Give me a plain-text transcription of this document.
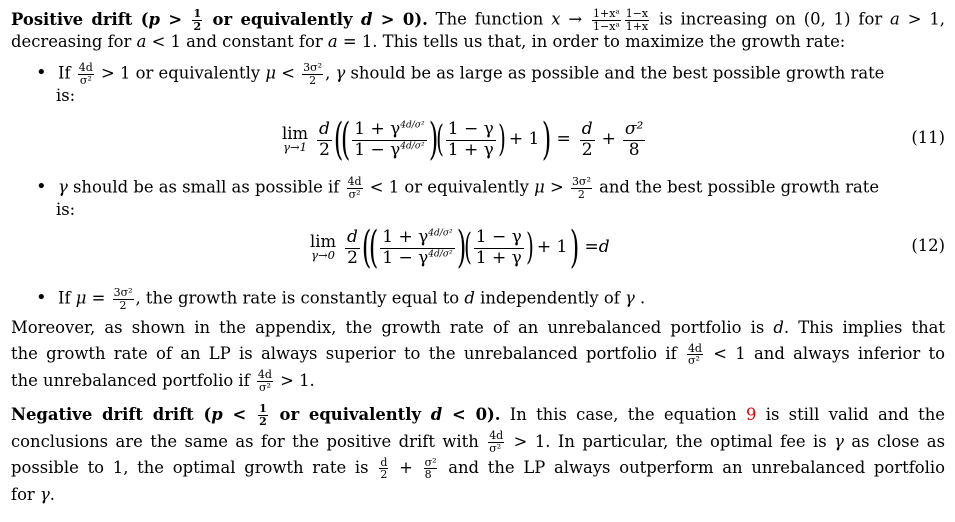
Positive drift ($p > \frac{1}{2}$ or equivalently d > 0). The function $x \to \frac{\text{1+xᵃ}}{\text{1−xᵃ}} \frac{1-x}{1+x}$ is increasing on (0, 1) for a > 1,
decreasing for a < 1 and constant for a = 1. This tells us that, in order to maximize the growth rate:
• If $\frac{4d}{\text{σ²}} > 1$ or equivalently $\mu < \frac{\text{3σ²}}{2}$ , γ should be as large as possible and the best possible growth rate
is:
lim
γ→1
d
2 (
( $1 + \gamma^{4d/\sigma^2}$
$1 - \gamma^{4d/\sigma^2}$ )
( 1 − γ
1 + γ ) + 1 ) = $\frac{d}{2} + \frac{\text{σ²}}{8}$	(11)
• γ should be as small as possible if $\frac{4d}{\text{σ²}} < 1$ or equivalently $\mu > \frac{\text{3σ²}}{2}$ and the best possible growth rate
is:
lim
γ→0
d
2 (
( $1 + \gamma^{4d/\sigma^2}$
$1 - \gamma^{4d/\sigma^2}$ )
( 1 − γ
1 + γ ) + 1 ) = d	(12)
• If $\mu = \frac{\text{3σ²}}{2}$ , the growth rate is constantly equal to d independently of γ .
Moreover, as shown in the appendix, the growth rate of an unrebalanced portfolio is d. This implies that
the growth rate of an LP is always superior to the unrebalanced portfolio if $\frac{4d}{\text{σ²}} < 1$ and always inferior to
the unrebalanced portfolio if $\frac{4d}{\text{σ²}} > 1$.
Negative drift drift ($p < \frac{1}{2}$ or equivalently d < 0). In this case, the equation 9 is still valid and the
conclusions are the same as for the positive drift with $\frac{4d}{\text{σ²}} > 1$. In particular, the optimal fee is γ as close as
possible to 1, the optimal growth rate is $\frac{d}{2} + \frac{\text{σ²}}{8}$ and the LP always outperform an unrebalanced portfolio
for γ.
